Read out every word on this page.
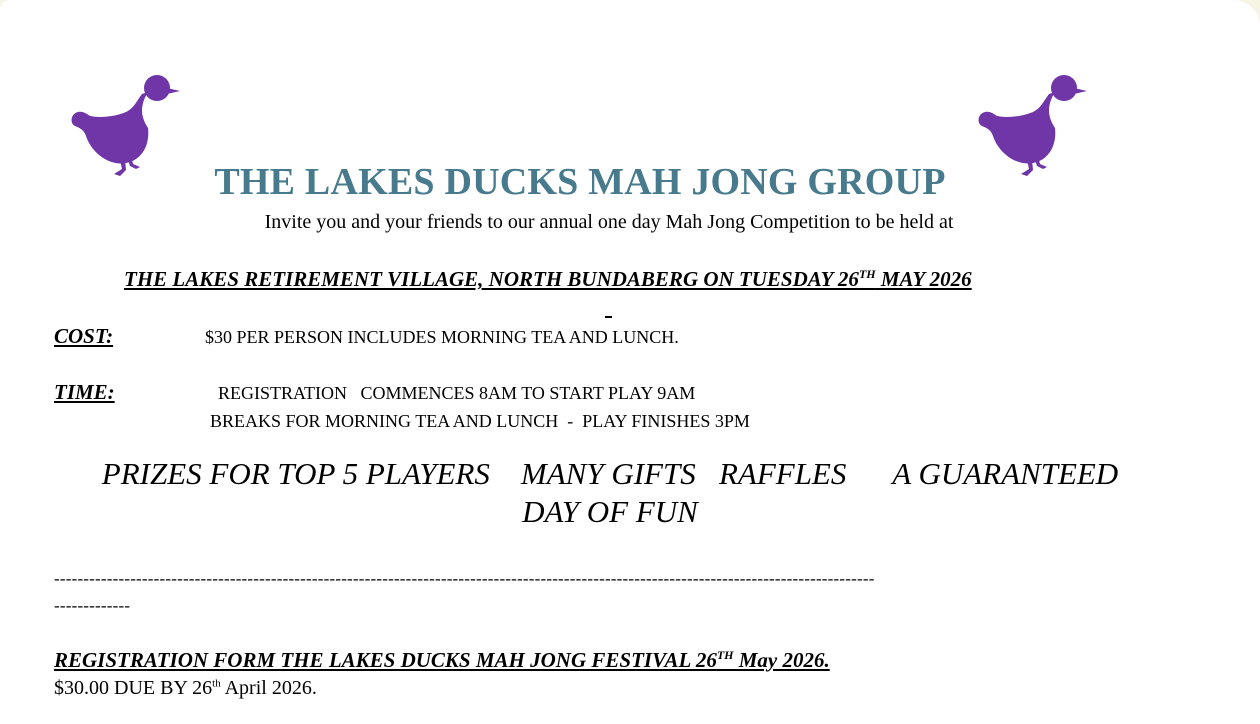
THE LAKES DUCKS MAH JONG GROUP
Invite you and your friends to our annual one day Mah Jong Competition to be held at
THE LAKES RETIREMENT VILLAGE, NORTH BUNDABERG ON TUESDAY 26TH MAY 2026
COST:	$30 PER PERSON INCLUDES MORNING TEA AND LUNCH.
TIME:	REGISTRATION   COMMENCES 8AM TO START PLAY 9AM
BREAKS FOR MORNING TEA AND LUNCH  -  PLAY FINISHES 3PM
PRIZES FOR TOP 5 PLAYERS    MANY GIFTS   RAFFLES      A GUARANTEED
DAY OF FUN
--------------------------------------------------------------------------------------------------------------------------------------------
-------------
REGISTRATION FORM THE LAKES DUCKS MAH JONG FESTIVAL 26TH May 2026.
$30.00 DUE BY 26th April 2026.
